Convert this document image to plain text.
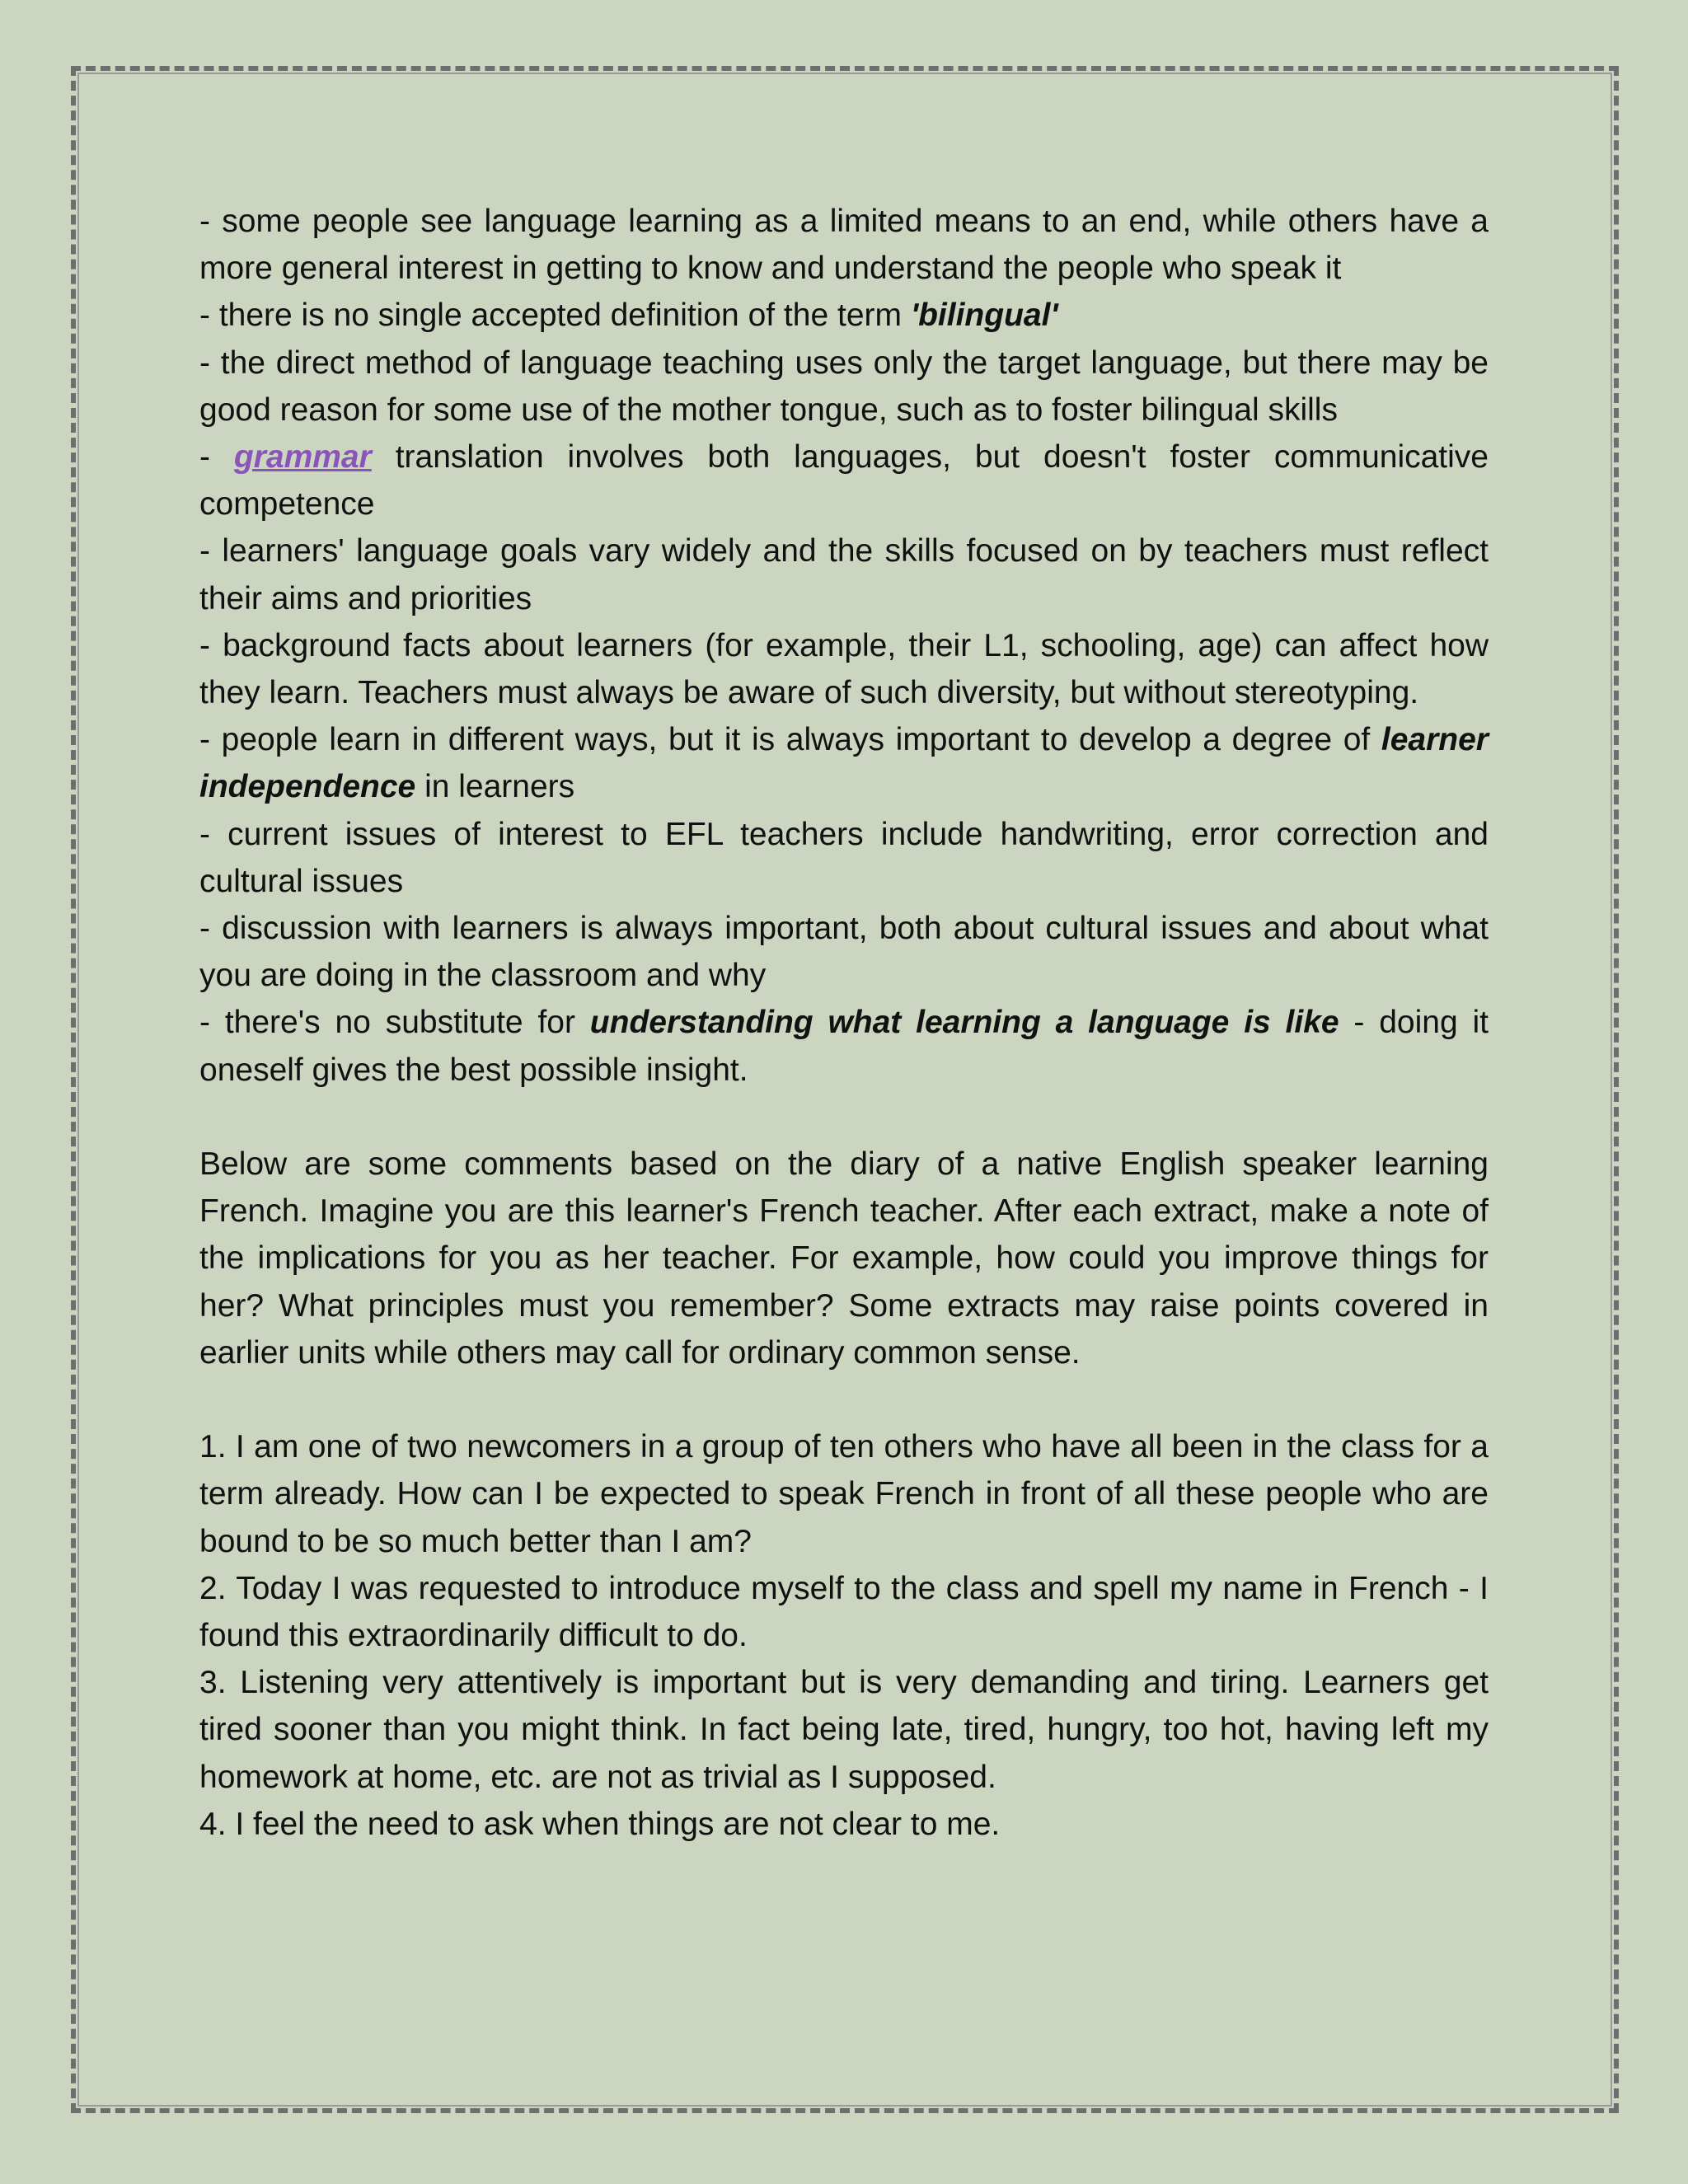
- some people see language learning as a limited means to an end, while others have a more general interest in getting to know and understand the people who speak it

- there is no single accepted definition of the term 'bilingual'

- the direct method of language teaching uses only the target language, but there may be good reason for some use of the mother tongue, such as to foster bilingual skills

- grammar translation involves both languages, but doesn't foster communicative competence

- learners' language goals vary widely and the skills focused on by teachers must reflect their aims and priorities

- background facts about learners (for example, their L1, schooling, age) can affect how they learn. Teachers must always be aware of such diversity, but without stereotyping.

- people learn in different ways, but it is always important to develop a degree of learner independence in learners

- current issues of interest to EFL teachers include handwriting, error correction and cultural issues

- discussion with learners is always important, both about cultural issues and about what you are doing in the classroom and why

- there's no substitute for understanding what learning a language is like - doing it oneself gives the best possible insight.

Below are some comments based on the diary of a native English speaker learning French. Imagine you are this learner's French teacher. After each extract, make a note of the implications for you as her teacher. For example, how could you improve things for her? What principles must you remember? Some extracts may raise points covered in earlier units while others may call for ordinary common sense.

1. I am one of two newcomers in a group of ten others who have all been in the class for a term already. How can I be expected to speak French in front of all these people who are bound to be so much better than I am?

2. Today I was requested to introduce myself to the class and spell my name in French - I found this extraordinarily difficult to do.

3. Listening very attentively is important but is very demanding and tiring. Learners get tired sooner than you might think. In fact being late, tired, hungry, too hot, having left my homework at home, etc. are not as trivial as I supposed.

4. I feel the need to ask when things are not clear to me.
